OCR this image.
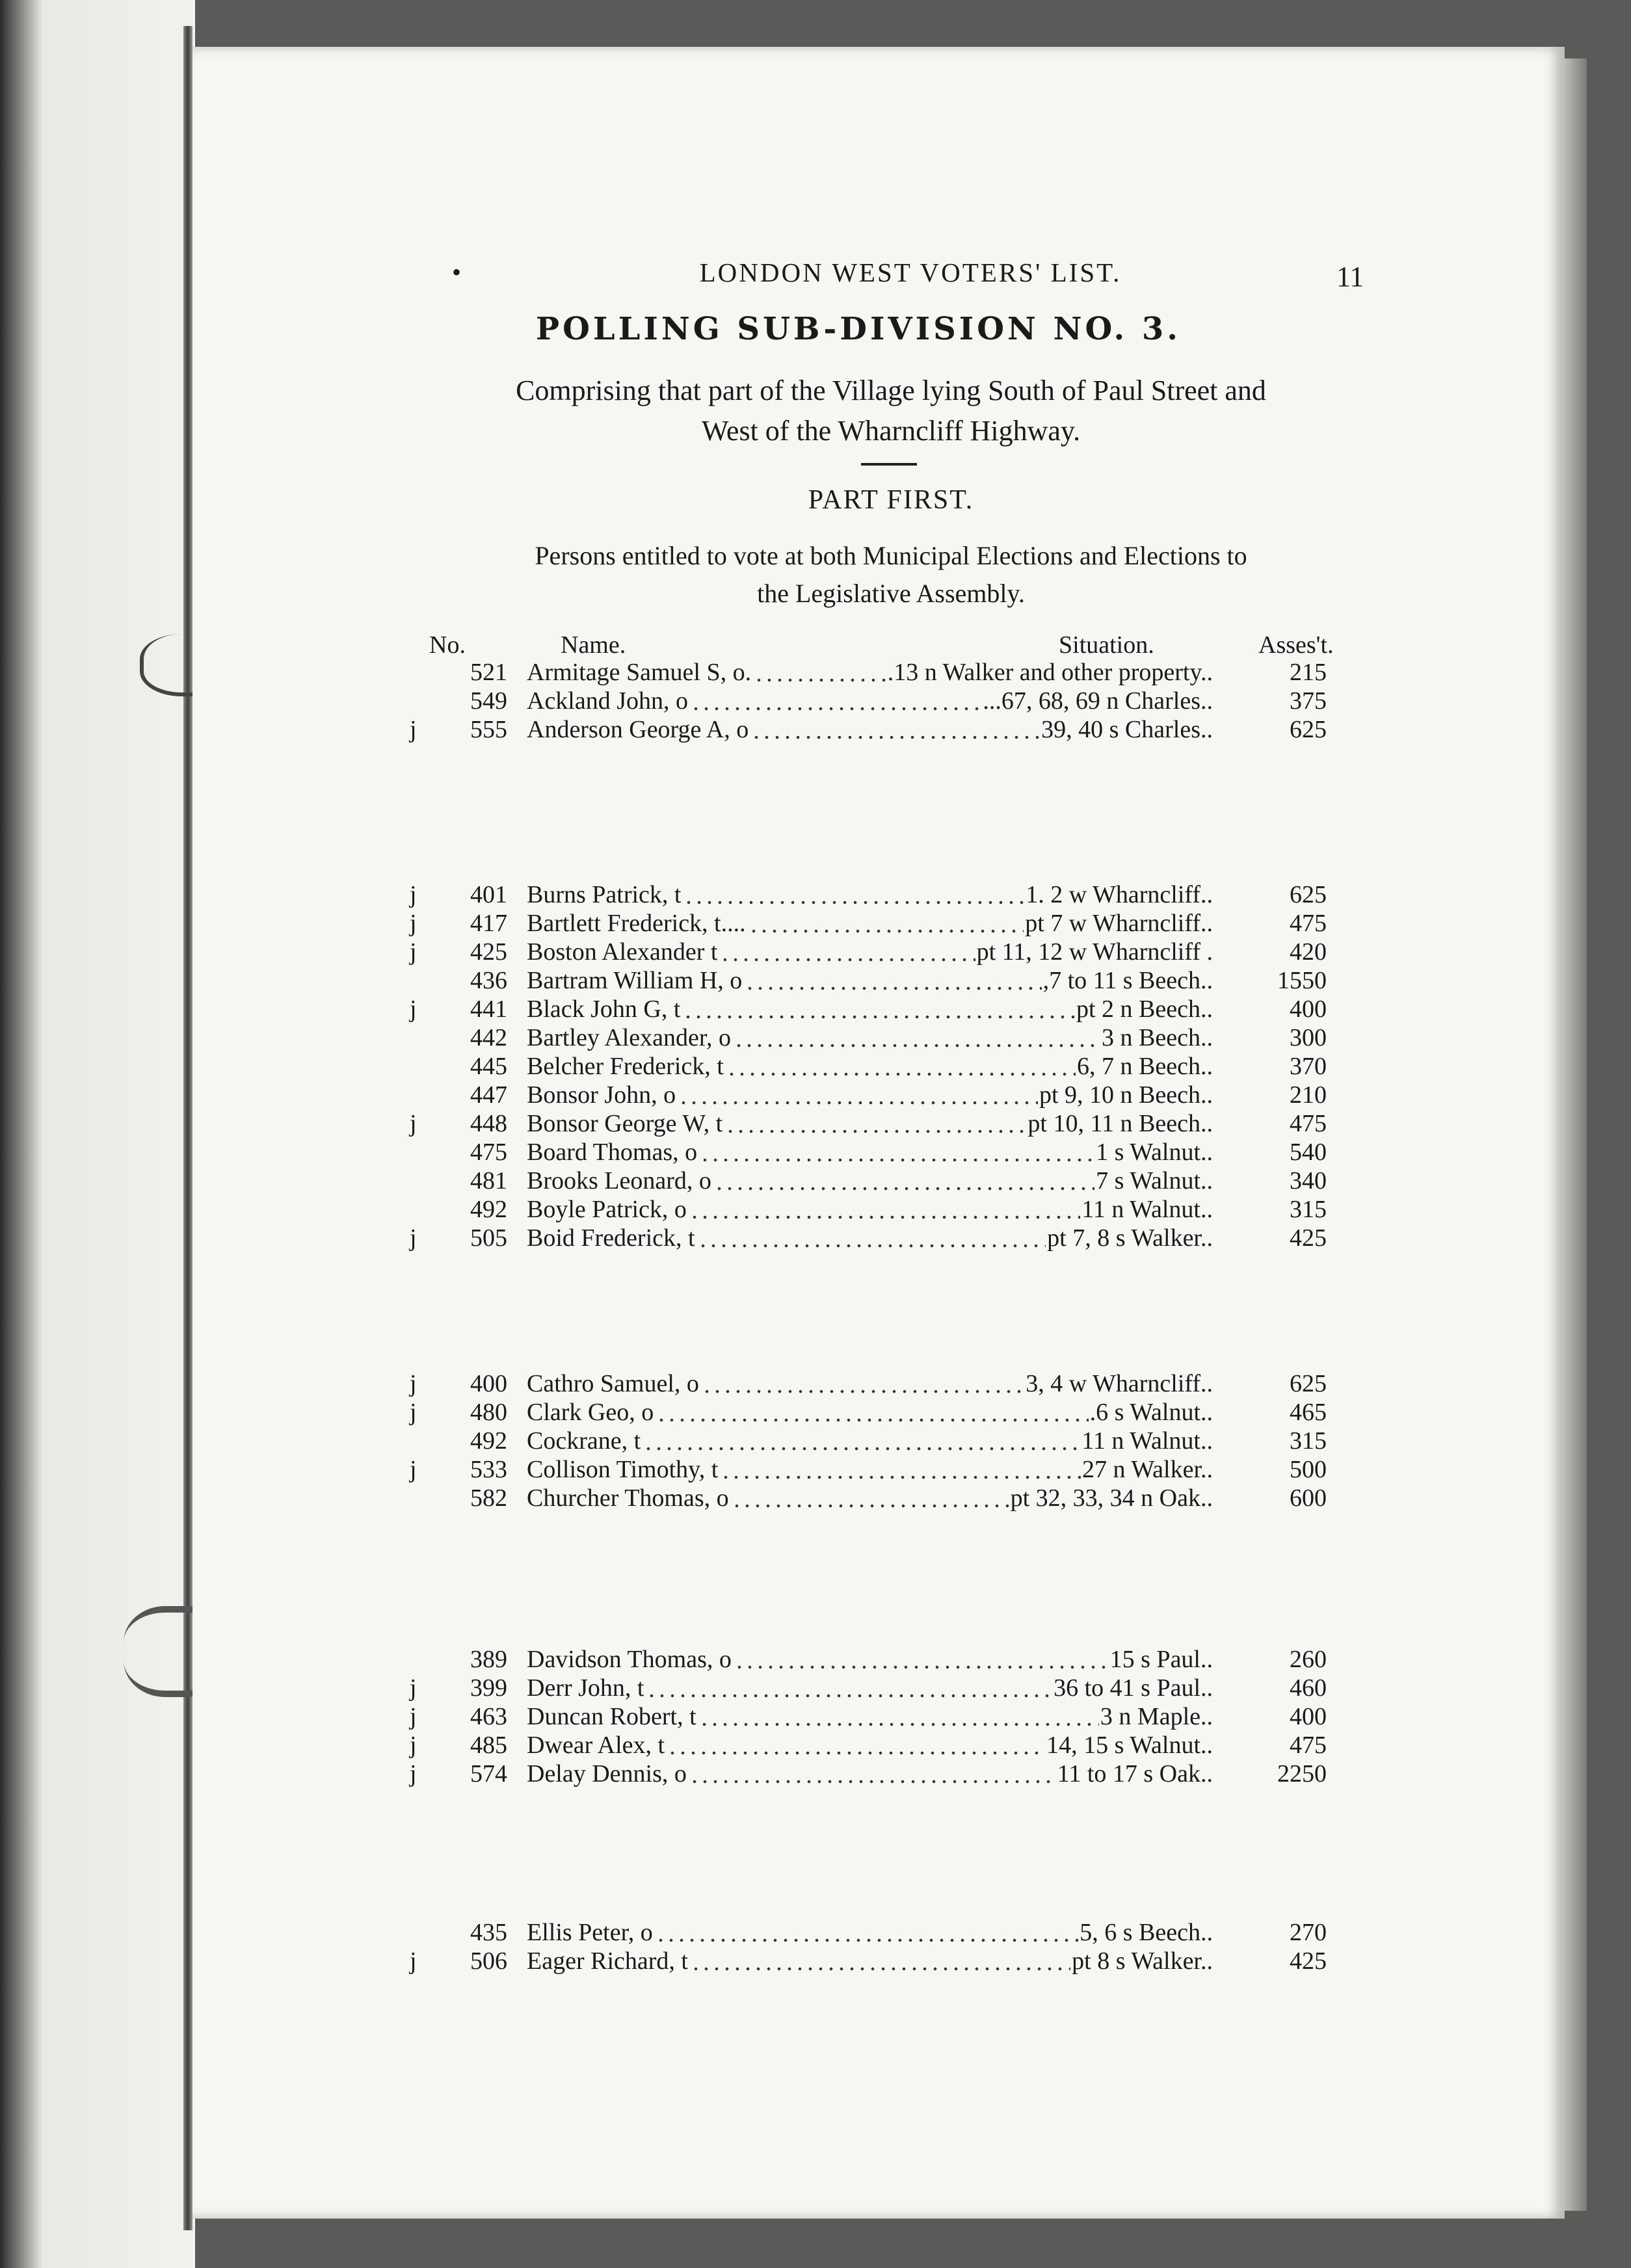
•	LONDON WEST VOTERS' LIST.	11
POLLING SUB-DIVISION NO. 3.
Comprising that part of the Village lying South of Paul Street and
West of the Wharncliff Highway.
PART FIRST.
Persons entitled to vote at both Municipal Elections and Elections to
the Legislative Assembly.
No.	Name.	Situation.	Asses't.
521 Armitage Samuel S, o.	.13 n Walker and other property..	215
549 Ackland John, o	...67, 68, 69 n Charles..	375
j	555 Anderson George A, o	39, 40 s Charles..	625
j	401 Burns Patrick, t	1. 2 w Wharncliff..	625
j	417 Bartlett Frederick, t....	pt 7 w Wharncliff..	475
j	425 Boston Alexander t	pt 11, 12 w Wharncliff .	420
436 Bartram William H, o	,7 to 11 s Beech..	1550
j	441 Black John G, t	pt 2 n Beech..	400
442 Bartley Alexander, o	3 n Beech..	300
445 Belcher Frederick, t	6, 7 n Beech..	370
447 Bonsor John, o	pt 9, 10 n Beech..	210
j	448 Bonsor George W, t	pt 10, 11 n Beech..	475
475 Board Thomas, o	1 s Walnut..	540
481 Brooks Leonard, o	7 s Walnut..	340
492 Boyle Patrick, o	11 n Walnut..	315
j	505 Boid Frederick, t	pt 7, 8 s Walker..	425
j	400 Cathro Samuel, o	3, 4 w Wharncliff..	625
j	480 Clark Geo, o	.6 s Walnut..	465
492 Cockrane, t	11 n Walnut..	315
j	533 Collison Timothy, t	27 n Walker..	500
582 Churcher Thomas, o	pt 32, 33, 34 n Oak..	600
389 Davidson Thomas, o	15 s Paul..	260
j	399 Derr John, t	36 to 41 s Paul..	460
j	463 Duncan Robert, t	3 n Maple..	400
j	485 Dwear Alex, t	14, 15 s Walnut..	475
j	574 Delay Dennis, o	11 to 17 s Oak..	2250
435 Ellis Peter, o	5, 6 s Beech..	270
j	506 Eager Richard, t	pt 8 s Walker..	425
